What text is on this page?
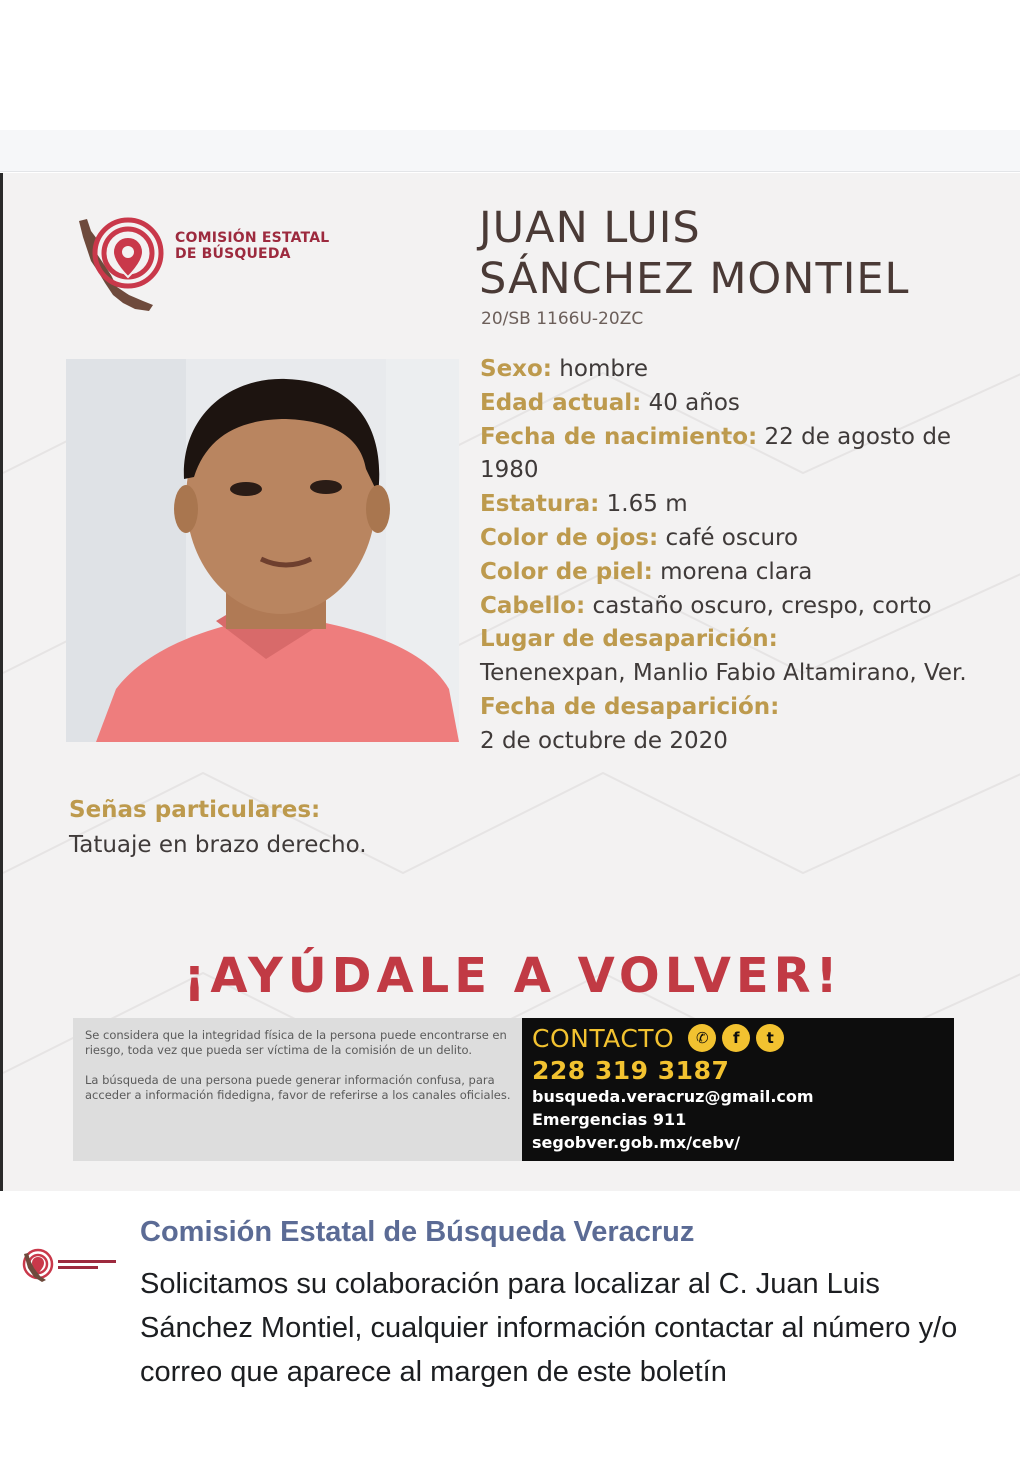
COMISIÓN ESTATAL
DE BÚSQUEDA
JUAN LUIS
SÁNCHEZ MONTIEL
20/SB 1166U-20ZC
Sexo: hombre
Edad actual: 40 años
Fecha de nacimiento: 22 de agosto de 1980
Estatura: 1.65 m
Color de ojos: café oscuro
Color de piel: morena clara
Cabello: castaño oscuro, crespo, corto
Lugar de desaparición:
Tenenexpan, Manlio Fabio Altamirano, Ver.
Fecha de desaparición:
2 de octubre de 2020
Señas particulares:
Tatuaje en brazo derecho.
¡AYÚDALE A VOLVER!

Se considera que la integridad física de la persona puede encontrarse en riesgo, toda vez que pueda ser víctima de la comisión de un delito.

La búsqueda de una persona puede generar información confusa, para acceder a información fidedigna, favor de referirse a los canales oficiales.

CONTACTO	✆	f	t
228 319 3187
busqueda.veracruz@gmail.com
Emergencias 911
segobver.gob.mx/cebv/
Comisión Estatal de Búsqueda Veracruz
Solicitamos su colaboración para localizar al C. Juan Luis Sánchez Montiel, cualquier información contactar al número y/o correo que aparece al margen de este boletín
